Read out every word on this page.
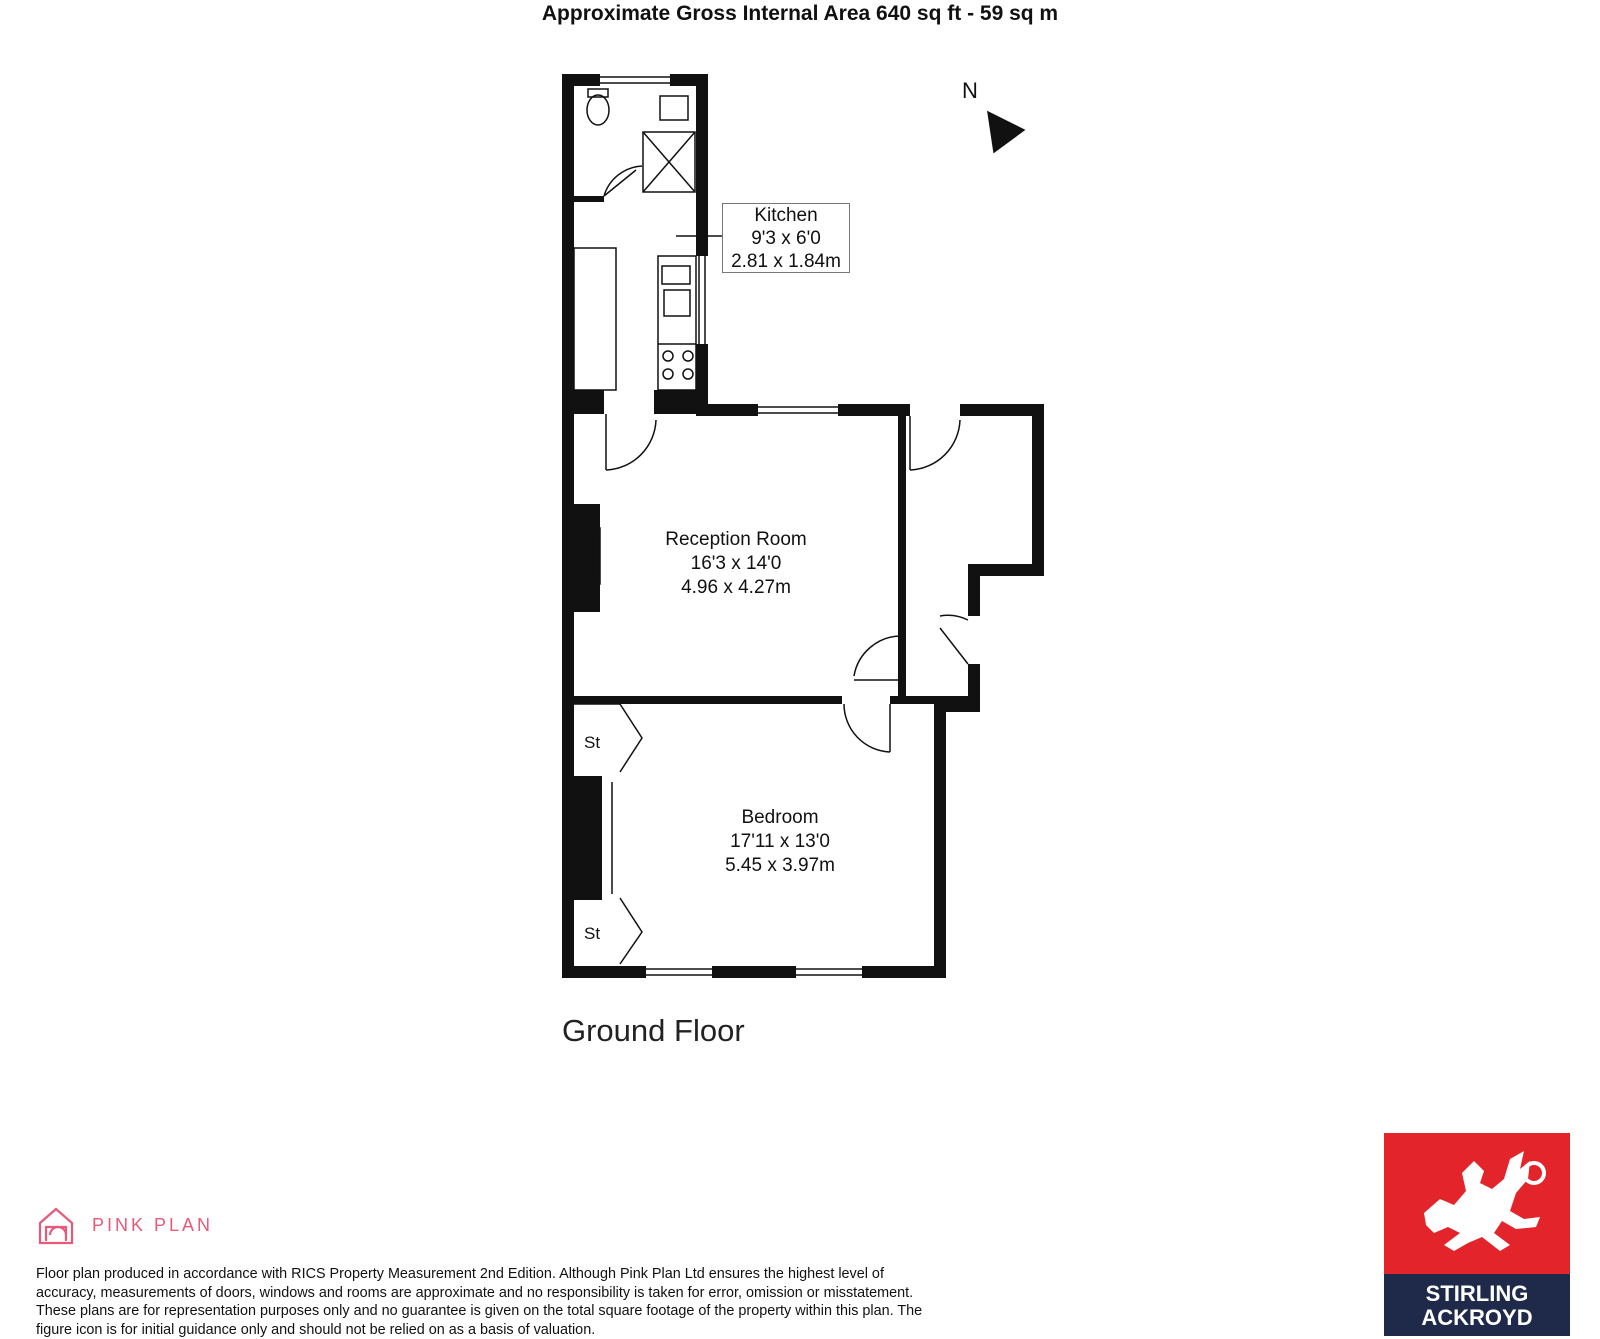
Approximate Gross Internal Area 640 sq ft - 59 sq m
N
Kitchen
9'3 x 6'0
2.81 x 1.84m
Reception Room
16'3 x 14'0
4.96 x 4.27m
Bedroom
17'11 x 13'0
5.45 x 3.97m
St
St
Ground Floor
PINK PLAN
Floor plan produced in accordance with RICS Property Measurement 2nd Edition. Although Pink Plan Ltd ensures the highest level of accuracy, measurements of doors, windows and rooms are approximate and no responsibility is taken for error, omission or misstatement. These plans are for representation purposes only and no guarantee is given on the total square footage of the property within this plan. The figure icon is for initial guidance only and should not be relied on as a basis of valuation.
STIRLING
ACKROYD
